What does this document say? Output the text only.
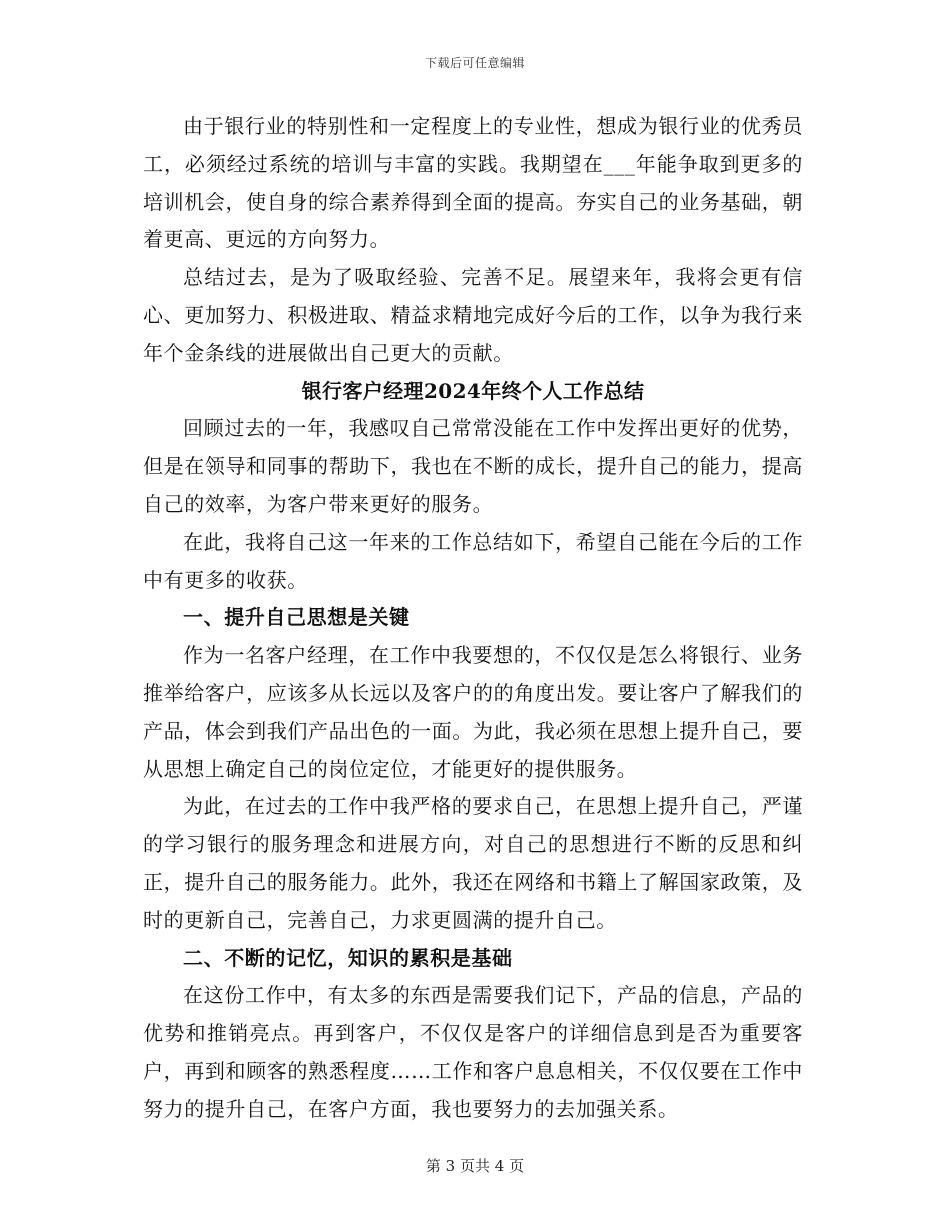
下载后可任意编辑

由于银行业的特别性和一定程度上的专业性，想成为银行业的优秀员工，必须经过系统的培训与丰富的实践。我期望在___年能争取到更多的培训机会，使自身的综合素养得到全面的提高。夯实自己的业务基础，朝着更高、更远的方向努力。

总结过去，是为了吸取经验、完善不足。展望来年，我将会更有信心、更加努力、积极进取、精益求精地完成好今后的工作，以争为我行来年个金条线的进展做出自己更大的贡献。

银行客户经理2024年终个人工作总结

回顾过去的一年，我感叹自己常常没能在工作中发挥出更好的优势，但是在领导和同事的帮助下，我也在不断的成长，提升自己的能力，提高自己的效率，为客户带来更好的服务。

在此，我将自己这一年来的工作总结如下，希望自己能在今后的工作中有更多的收获。

一、提升自己思想是关键

作为一名客户经理，在工作中我要想的，不仅仅是怎么将银行、业务推举给客户，应该多从长远以及客户的的角度出发。要让客户了解我们的产品，体会到我们产品出色的一面。为此，我必须在思想上提升自己，要从思想上确定自己的岗位定位，才能更好的提供服务。

为此，在过去的工作中我严格的要求自己，在思想上提升自己，严谨的学习银行的服务理念和进展方向，对自己的思想进行不断的反思和纠正，提升自己的服务能力。此外，我还在网络和书籍上了解国家政策，及时的更新自己，完善自己，力求更圆满的提升自己。

二、不断的记忆，知识的累积是基础

在这份工作中，有太多的东西是需要我们记下，产品的信息，产品的优势和推销亮点。再到客户，不仅仅是客户的详细信息到是否为重要客户，再到和顾客的熟悉程度……工作和客户息息相关，不仅仅要在工作中努力的提升自己，在客户方面，我也要努力的去加强关系。

第 3 页共 4 页
